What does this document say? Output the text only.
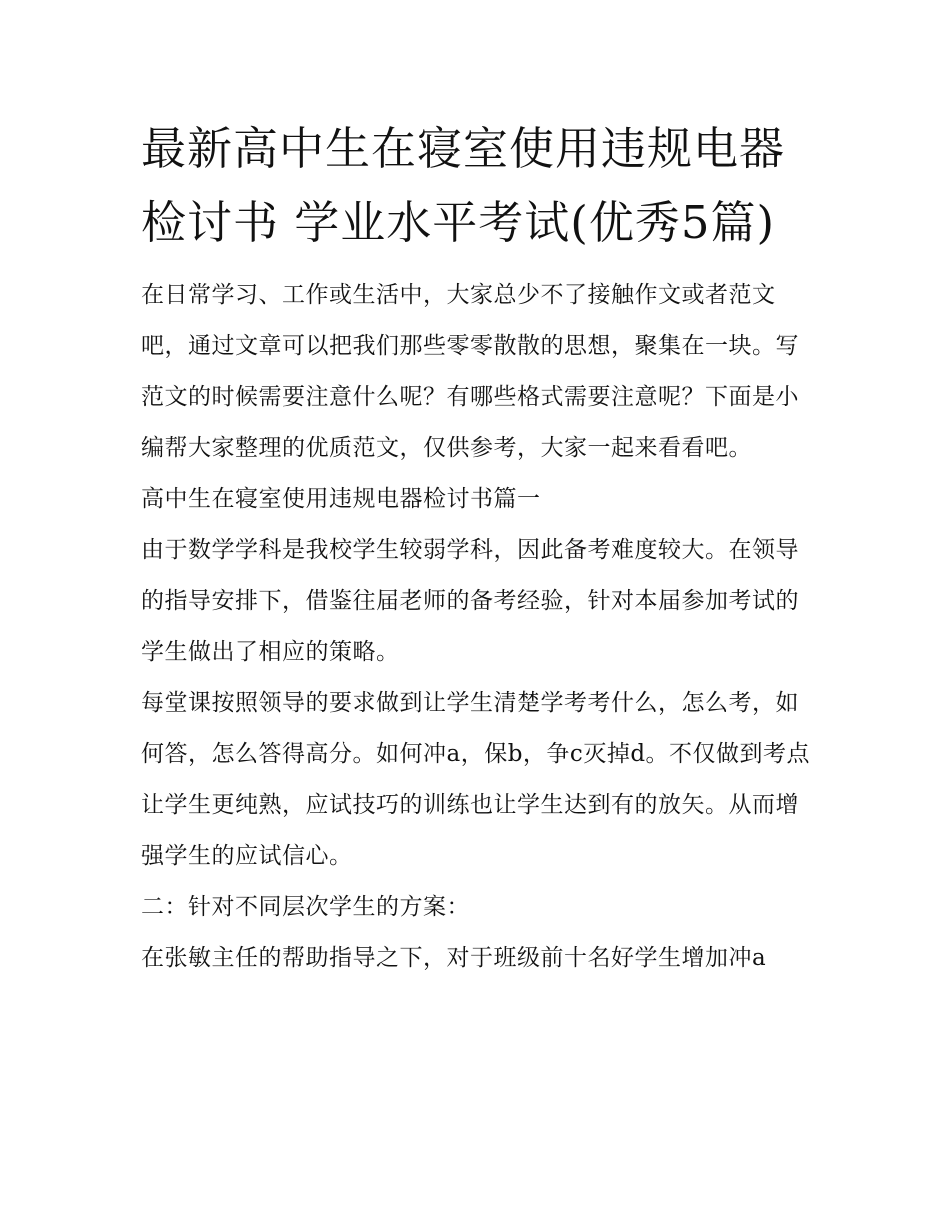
最新高中生在寝室使用违规电器检讨书 学业水平考试(优秀5篇)

在日常学习、工作或生活中，大家总少不了接触作文或者范文吧，通过文章可以把我们那些零零散散的思想，聚集在一块。写范文的时候需要注意什么呢？有哪些格式需要注意呢？下面是小编帮大家整理的优质范文，仅供参考，大家一起来看看吧。

高中生在寝室使用违规电器检讨书篇一

由于数学学科是我校学生较弱学科，因此备考难度较大。在领导的指导安排下，借鉴往届老师的备考经验，针对本届参加考试的学生做出了相应的策略。

每堂课按照领导的要求做到让学生清楚学考考什么，怎么考，如何答，怎么答得高分。如何冲a，保b，争c灭掉d。不仅做到考点让学生更纯熟，应试技巧的训练也让学生达到有的放矢。从而增强学生的应试信心。

二：针对不同层次学生的方案：

在张敏主任的帮助指导之下，对于班级前十名好学生增加冲a
